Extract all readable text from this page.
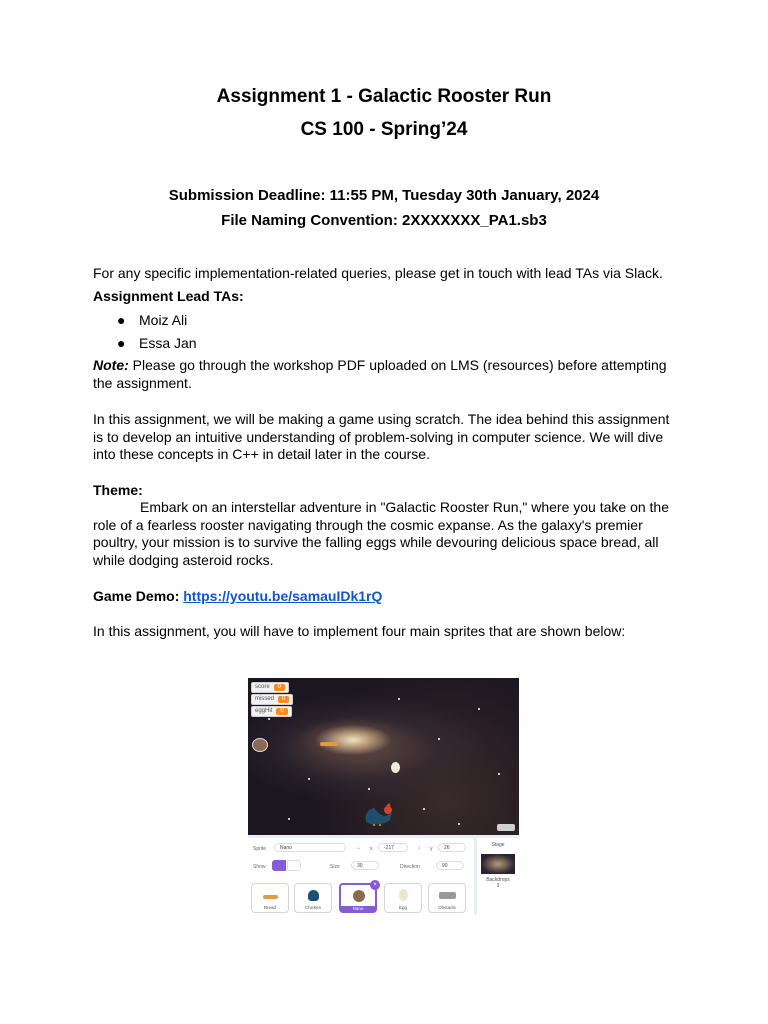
Assignment 1 - Galactic Rooster Run
CS 100 - Spring’24
Submission Deadline: 11:55 PM, Tuesday 30th January, 2024
File Naming Convention: 2XXXXXXX_PA1.sb3
For any specific implementation-related queries, please get in touch with lead TAs via Slack.
Assignment Lead TAs:
● Moiz Ali
● Essa Jan
Note: Please go through the workshop PDF uploaded on LMS (resources) before attempting the assignment.
In this assignment, we will be making a game using scratch. The idea behind this assignment is to develop an intuitive understanding of problem-solving in computer science. We will dive into these concepts in C++ in detail later in the course.
Theme:
Embark on an interstellar adventure in "Galactic Rooster Run," where you take on the role of a fearless rooster navigating through the cosmic expanse. As the galaxy's premier poultry, your mission is to survive the falling eggs while devouring delicious space bread, all while dodging asteroid rocks.
Game Demo: https://youtu.be/samauIDk1rQ
In this assignment, you will have to implement four main sprites that are shown below:
score 0
missed 0
eggHit 0
Sprite	Nano	↔ x	-217	↕ y	26
Show	Size	30	Direction	90
Bread	Chicken
×
Nano	Egg	Obstacle
Stage
Backdrops
3
